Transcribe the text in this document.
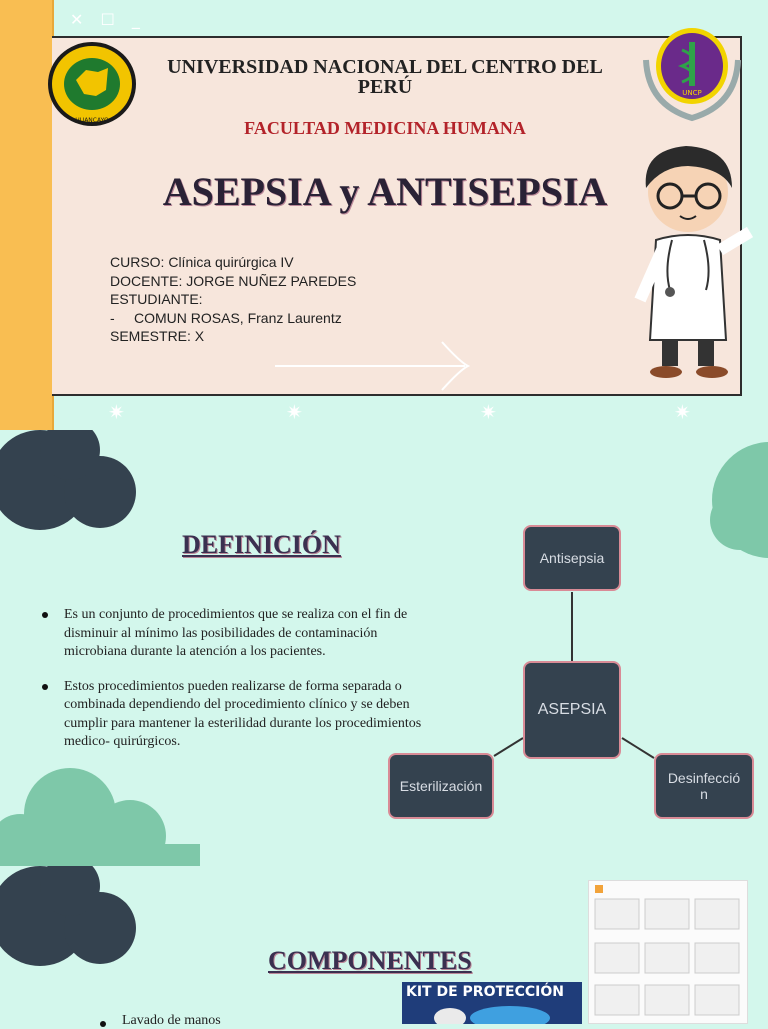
✕ ☐ _
HUANCAYO
UNCP
UNIVERSIDAD NACIONAL DEL CENTRO DEL PERÚ
FACULTAD MEDICINA HUMANA
ASEPSIA y ANTISEPSIA
CURSO: Clínica quirúrgica IV
DOCENTE: JORGE NUÑEZ PAREDES
ESTUDIANTE:
- COMUN ROSAS, Franz Laurentz
SEMESTRE: X
✷	✷	✷	✷
DEFINICIÓN
Es un conjunto de procedimientos que se realiza con el fin de disminuir al mínimo las posibilidades de contaminación microbiana durante la atención a los pacientes.
Estos procedimientos pueden realizarse de forma separada o combinada dependiendo del procedimiento clínico y se deben cumplir para mantener la esterilidad durante los procedimientos medico- quirúrgicos.
Antisepsia
ASEPSIA
Esterilización	Desinfecció n
COMPONENTES
KIT DE PROTECCIÓN
Lavado de manos
